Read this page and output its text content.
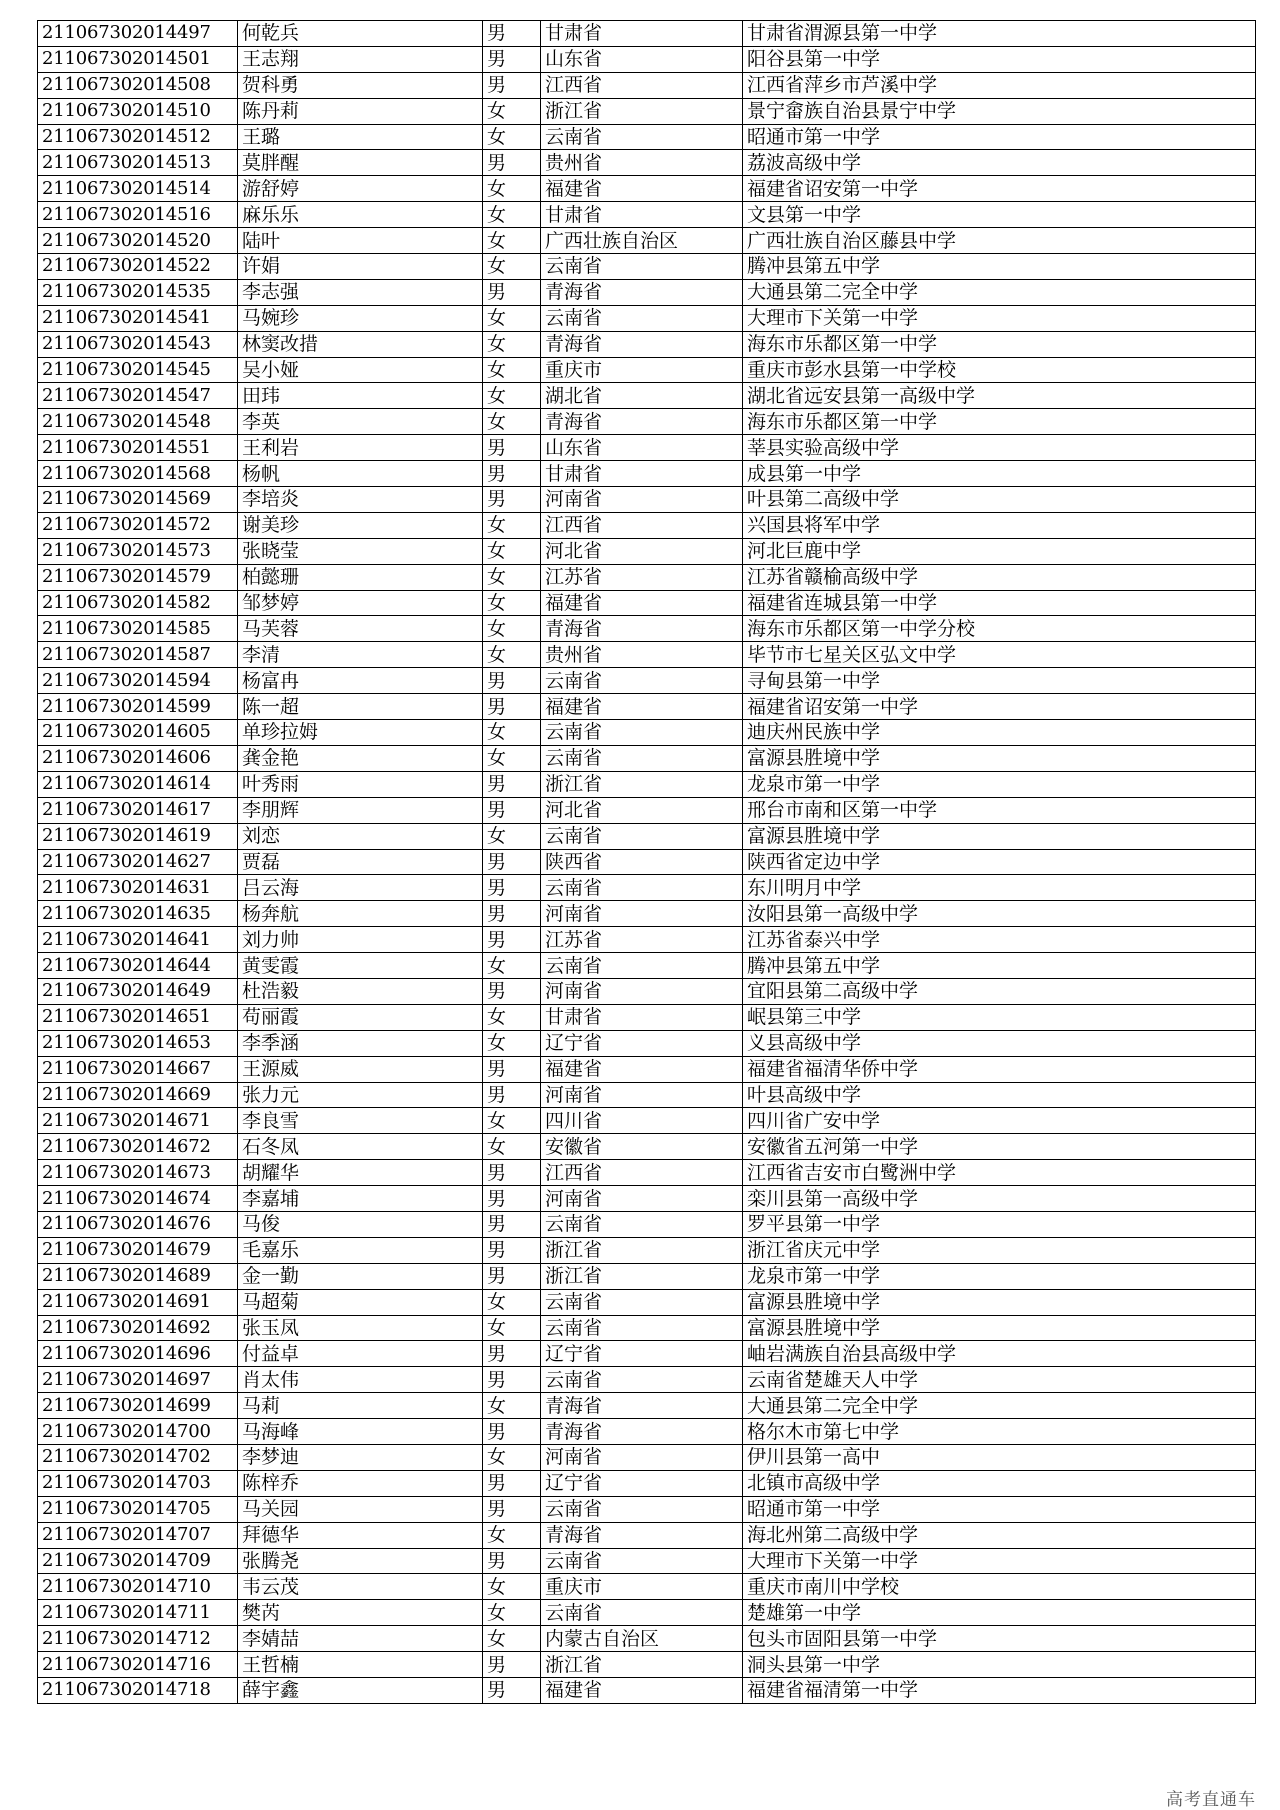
211067302014497	何乾兵	男	甘肃省	甘肃省渭源县第一中学
211067302014501	王志翔	男	山东省	阳谷县第一中学
211067302014508	贺科勇	男	江西省	江西省萍乡市芦溪中学
211067302014510	陈丹莉	女	浙江省	景宁畲族自治县景宁中学
211067302014512	王璐	女	云南省	昭通市第一中学
211067302014513	莫胖醒	男	贵州省	荔波高级中学
211067302014514	游舒婷	女	福建省	福建省诏安第一中学
211067302014516	麻乐乐	女	甘肃省	文县第一中学
211067302014520	陆叶	女	广西壮族自治区	广西壮族自治区藤县中学
211067302014522	许娟	女	云南省	腾冲县第五中学
211067302014535	李志强	男	青海省	大通县第二完全中学
211067302014541	马婉珍	女	云南省	大理市下关第一中学
211067302014543	林窦改措	女	青海省	海东市乐都区第一中学
211067302014545	吴小娅	女	重庆市	重庆市彭水县第一中学校
211067302014547	田玮	女	湖北省	湖北省远安县第一高级中学
211067302014548	李英	女	青海省	海东市乐都区第一中学
211067302014551	王利岩	男	山东省	莘县实验高级中学
211067302014568	杨帆	男	甘肃省	成县第一中学
211067302014569	李培炎	男	河南省	叶县第二高级中学
211067302014572	谢美珍	女	江西省	兴国县将军中学
211067302014573	张晓莹	女	河北省	河北巨鹿中学
211067302014579	柏懿珊	女	江苏省	江苏省赣榆高级中学
211067302014582	邹梦婷	女	福建省	福建省连城县第一中学
211067302014585	马芙蓉	女	青海省	海东市乐都区第一中学分校
211067302014587	李清	女	贵州省	毕节市七星关区弘文中学
211067302014594	杨富冉	男	云南省	寻甸县第一中学
211067302014599	陈一超	男	福建省	福建省诏安第一中学
211067302014605	单珍拉姆	女	云南省	迪庆州民族中学
211067302014606	龚金艳	女	云南省	富源县胜境中学
211067302014614	叶秀雨	男	浙江省	龙泉市第一中学
211067302014617	李朋辉	男	河北省	邢台市南和区第一中学
211067302014619	刘恋	女	云南省	富源县胜境中学
211067302014627	贾磊	男	陕西省	陕西省定边中学
211067302014631	吕云海	男	云南省	东川明月中学
211067302014635	杨奔航	男	河南省	汝阳县第一高级中学
211067302014641	刘力帅	男	江苏省	江苏省泰兴中学
211067302014644	黄雯霞	女	云南省	腾冲县第五中学
211067302014649	杜浩毅	男	河南省	宜阳县第二高级中学
211067302014651	苟丽霞	女	甘肃省	岷县第三中学
211067302014653	李季涵	女	辽宁省	义县高级中学
211067302014667	王源威	男	福建省	福建省福清华侨中学
211067302014669	张力元	男	河南省	叶县高级中学
211067302014671	李良雪	女	四川省	四川省广安中学
211067302014672	石冬凤	女	安徽省	安徽省五河第一中学
211067302014673	胡耀华	男	江西省	江西省吉安市白鹭洲中学
211067302014674	李嘉埔	男	河南省	栾川县第一高级中学
211067302014676	马俊	男	云南省	罗平县第一中学
211067302014679	毛嘉乐	男	浙江省	浙江省庆元中学
211067302014689	金一勤	男	浙江省	龙泉市第一中学
211067302014691	马超菊	女	云南省	富源县胜境中学
211067302014692	张玉凤	女	云南省	富源县胜境中学
211067302014696	付益卓	男	辽宁省	岫岩满族自治县高级中学
211067302014697	肖太伟	男	云南省	云南省楚雄天人中学
211067302014699	马莉	女	青海省	大通县第二完全中学
211067302014700	马海峰	男	青海省	格尔木市第七中学
211067302014702	李梦迪	女	河南省	伊川县第一高中
211067302014703	陈梓乔	男	辽宁省	北镇市高级中学
211067302014705	马关园	男	云南省	昭通市第一中学
211067302014707	拜德华	女	青海省	海北州第二高级中学
211067302014709	张腾尧	男	云南省	大理市下关第一中学
211067302014710	韦云茂	女	重庆市	重庆市南川中学校
211067302014711	樊芮	女	云南省	楚雄第一中学
211067302014712	李婧喆	女	内蒙古自治区	包头市固阳县第一中学
211067302014716	王哲楠	男	浙江省	洞头县第一中学
211067302014718	薛宇鑫	男	福建省	福建省福清第一中学
高考直通车
